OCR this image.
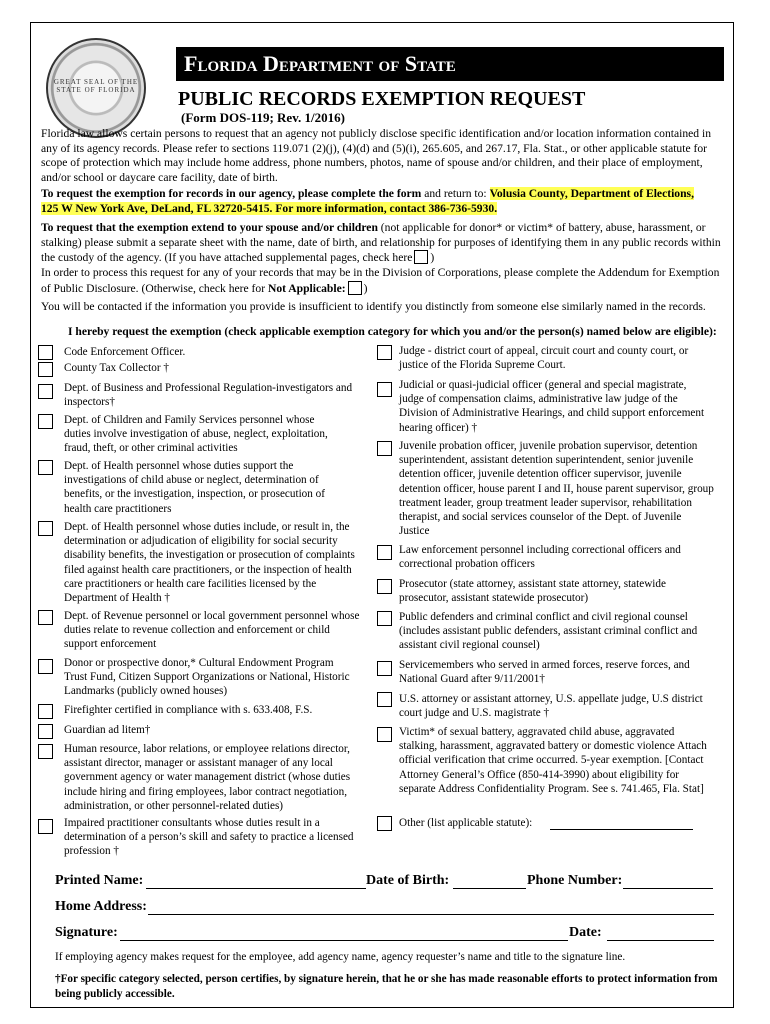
GREAT SEAL OF THE STATE OF FLORIDA
Florida Department of State
PUBLIC RECORDS EXEMPTION REQUEST
(Form DOS-119; Rev. 1/2016)
Florida law allows certain persons to request that an agency not publicly disclose specific identification and/or location information contained in any of its agency records. Please refer to sections 119.071 (2)(j), (4)(d) and (5)(i), 265.605, and 267.17, Fla. Stat., or other applicable statute for scope of protection which may include home address, phone numbers, photos, name of spouse and/or children, and their place of employment, and/or school or daycare care facility, date of birth.
To request the exemption for records in our agency, please complete the form and return to: Volusia County, Department of Elections,
125 W New York Ave, DeLand, FL 32720-5415. For more information, contact 386-736-5930.
To request that the exemption extend to your spouse and/or children (not applicable for donor* or victim* of battery, abuse, harassment, or stalking) please submit a separate sheet with the name, date of birth, and relationship for purposes of identifying them in any public records within the custody of the agency. (If you have attached supplemental pages, check here )
In order to process this request for any of your records that may be in the Division of Corporations, please complete the Addendum for Exemption of Public Disclosure. (Otherwise, check here for Not Applicable: )
You will be contacted if the information you provide is insufficient to identify you distinctly from someone else similarly named in the records.
I hereby request the exemption (check applicable exemption category for which you and/or the person(s) named below are eligible):
Code Enforcement Officer.
County Tax Collector †
Dept. of Business and Professional Regulation-investigators and inspectors†
Dept. of Children and Family Services personnel whose duties involve investigation of abuse, neglect, exploitation, fraud, theft, or other criminal activities
Dept. of Health personnel whose duties support the investigations of child abuse or neglect, determination of benefits, or the investigation, inspection, or prosecution of health care practitioners
Dept. of Health personnel whose duties include, or result in, the determination or adjudication of eligibility for social security disability benefits, the investigation or prosecution of complaints filed against health care practitioners, or the inspection of health care practitioners or health care facilities licensed by the Department of Health †
Dept. of Revenue personnel or local government personnel whose duties relate to revenue collection and enforcement or child support enforcement
Donor or prospective donor,* Cultural Endowment Program Trust Fund, Citizen Support Organizations or National, Historic Landmarks (publicly owned houses)
Firefighter certified in compliance with s. 633.408, F.S.
Guardian ad litem†
Human resource, labor relations, or employee relations director, assistant director, manager or assistant manager of any local government agency or water management district (whose duties include hiring and firing employees, labor contract negotiation, administration, or other personnel-related duties)
Impaired practitioner consultants whose duties result in a determination of a person’s skill and safety to practice a licensed profession †
Judge - district court of appeal, circuit court and county court, or justice of the Florida Supreme Court.
Judicial or quasi-judicial officer (general and special magistrate, judge of compensation claims, administrative law judge of the Division of Administrative Hearings, and child support enforcement hearing officer) †
Juvenile probation officer, juvenile probation supervisor, detention superintendent, assistant detention superintendent, senior juvenile detention officer, juvenile detention officer supervisor, juvenile detention officer, house parent I and II, house parent supervisor, group treatment leader, group treatment leader supervisor, rehabilitation therapist, and social services counselor of the Dept. of Juvenile Justice
Law enforcement personnel including correctional officers and correctional probation officers
Prosecutor (state attorney, assistant state attorney, statewide prosecutor, assistant statewide prosecutor)
Public defenders and criminal conflict and civil regional counsel (includes assistant public defenders, assistant criminal conflict and assistant civil regional counsel)
Servicemembers who served in armed forces, reserve forces, and National Guard after 9/11/2001†
U.S. attorney or assistant attorney, U.S. appellate judge, U.S district court judge and U.S. magistrate †
Victim* of sexual battery, aggravated child abuse, aggravated stalking, harassment, aggravated battery or domestic violence Attach official verification that crime occurred. 5-year exemption. [Contact Attorney General’s Office (850-414-3990) about eligibility for separate Address Confidentiality Program. See s. 741.465, Fla. Stat]
Other (list applicable statute):
Printed Name:	Date of Birth:	Phone Number:
Home Address:
Signature:	Date:
If employing agency makes request for the employee, add agency name, agency requester’s name and title to the signature line.
†For specific category selected, person certifies, by signature herein, that he or she has made reasonable efforts to protect information from being publicly accessible.
